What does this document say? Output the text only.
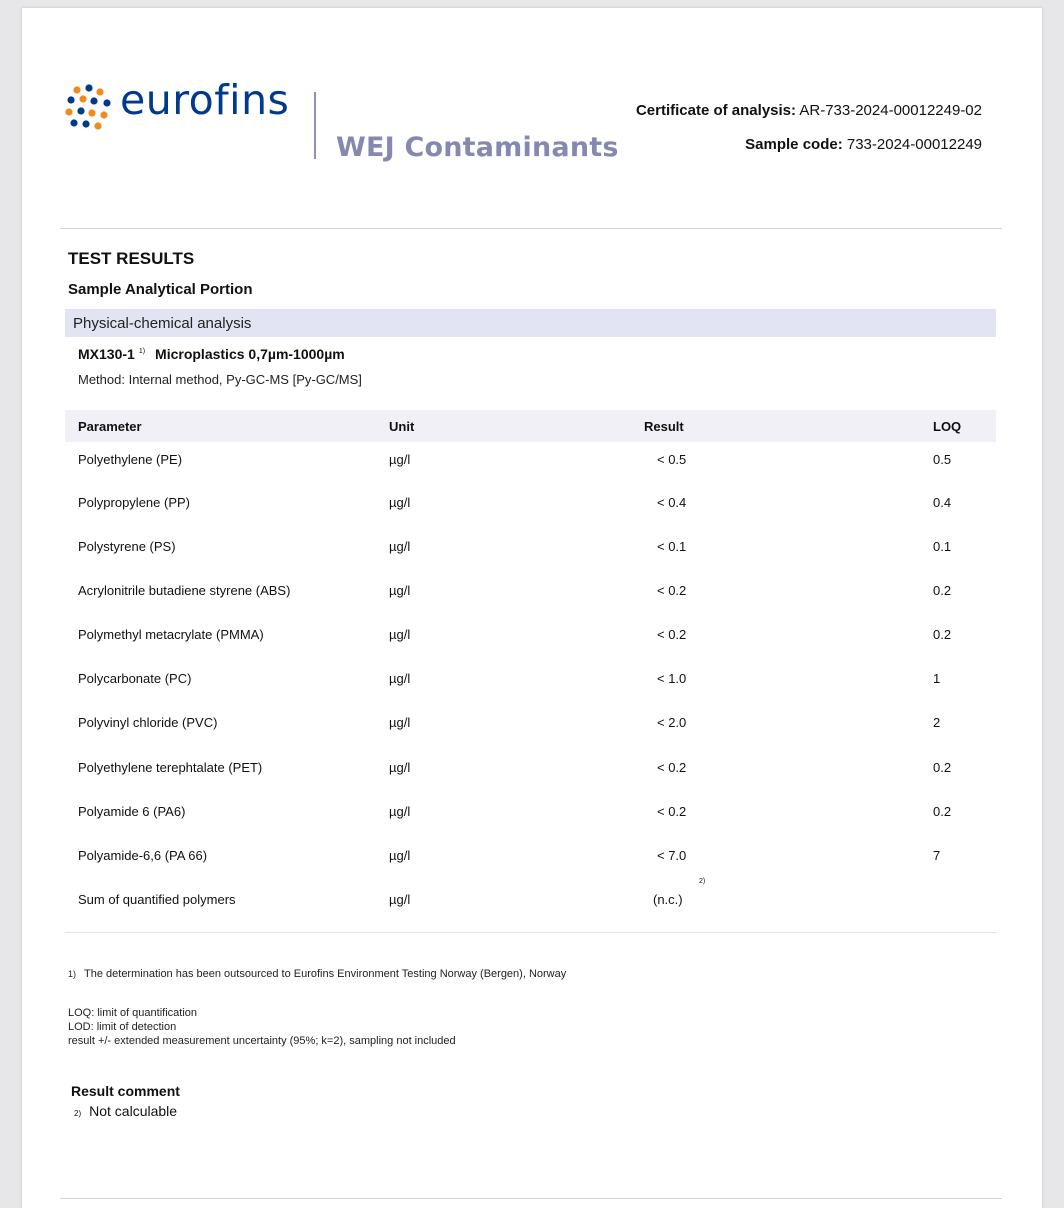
eurofins
WEJ Contaminants
Certificate of analysis: AR-733-2024-00012249-02
Sample code: 733-2024-00012249
TEST RESULTS
Sample Analytical Portion
Physical-chemical analysis
MX130-1 $^{1)}$ Microplastics 0,7µm-1000µm
Method: Internal method, Py-GC-MS [Py-GC/MS]
Parameter	Unit	Result	LOQ
Polyethylene (PE)	µg/l	< 0.5	0.5
Polypropylene (PP)	µg/l	< 0.4	0.4
Polystyrene (PS)	µg/l	< 0.1	0.1
Acrylonitrile butadiene styrene (ABS)	µg/l	< 0.2	0.2
Polymethyl metacrylate (PMMA)	µg/l	< 0.2	0.2
Polycarbonate (PC)	µg/l	< 1.0	1
Polyvinyl chloride (PVC)	µg/l	< 2.0	2
Polyethylene terephtalate (PET)	µg/l	< 0.2	0.2
Polyamide 6 (PA6)	µg/l	< 0.2	0.2
Polyamide-6,6 (PA 66)	µg/l	< 7.0	7
Sum of quantified polymers	µg/l	(n.c.)
2)
1) The determination has been outsourced to Eurofins Environment Testing Norway (Bergen), Norway
LOQ: limit of quantification
LOD: limit of detection
result +/- extended measurement uncertainty (95%; k=2), sampling not included
Result comment
2) Not calculable
